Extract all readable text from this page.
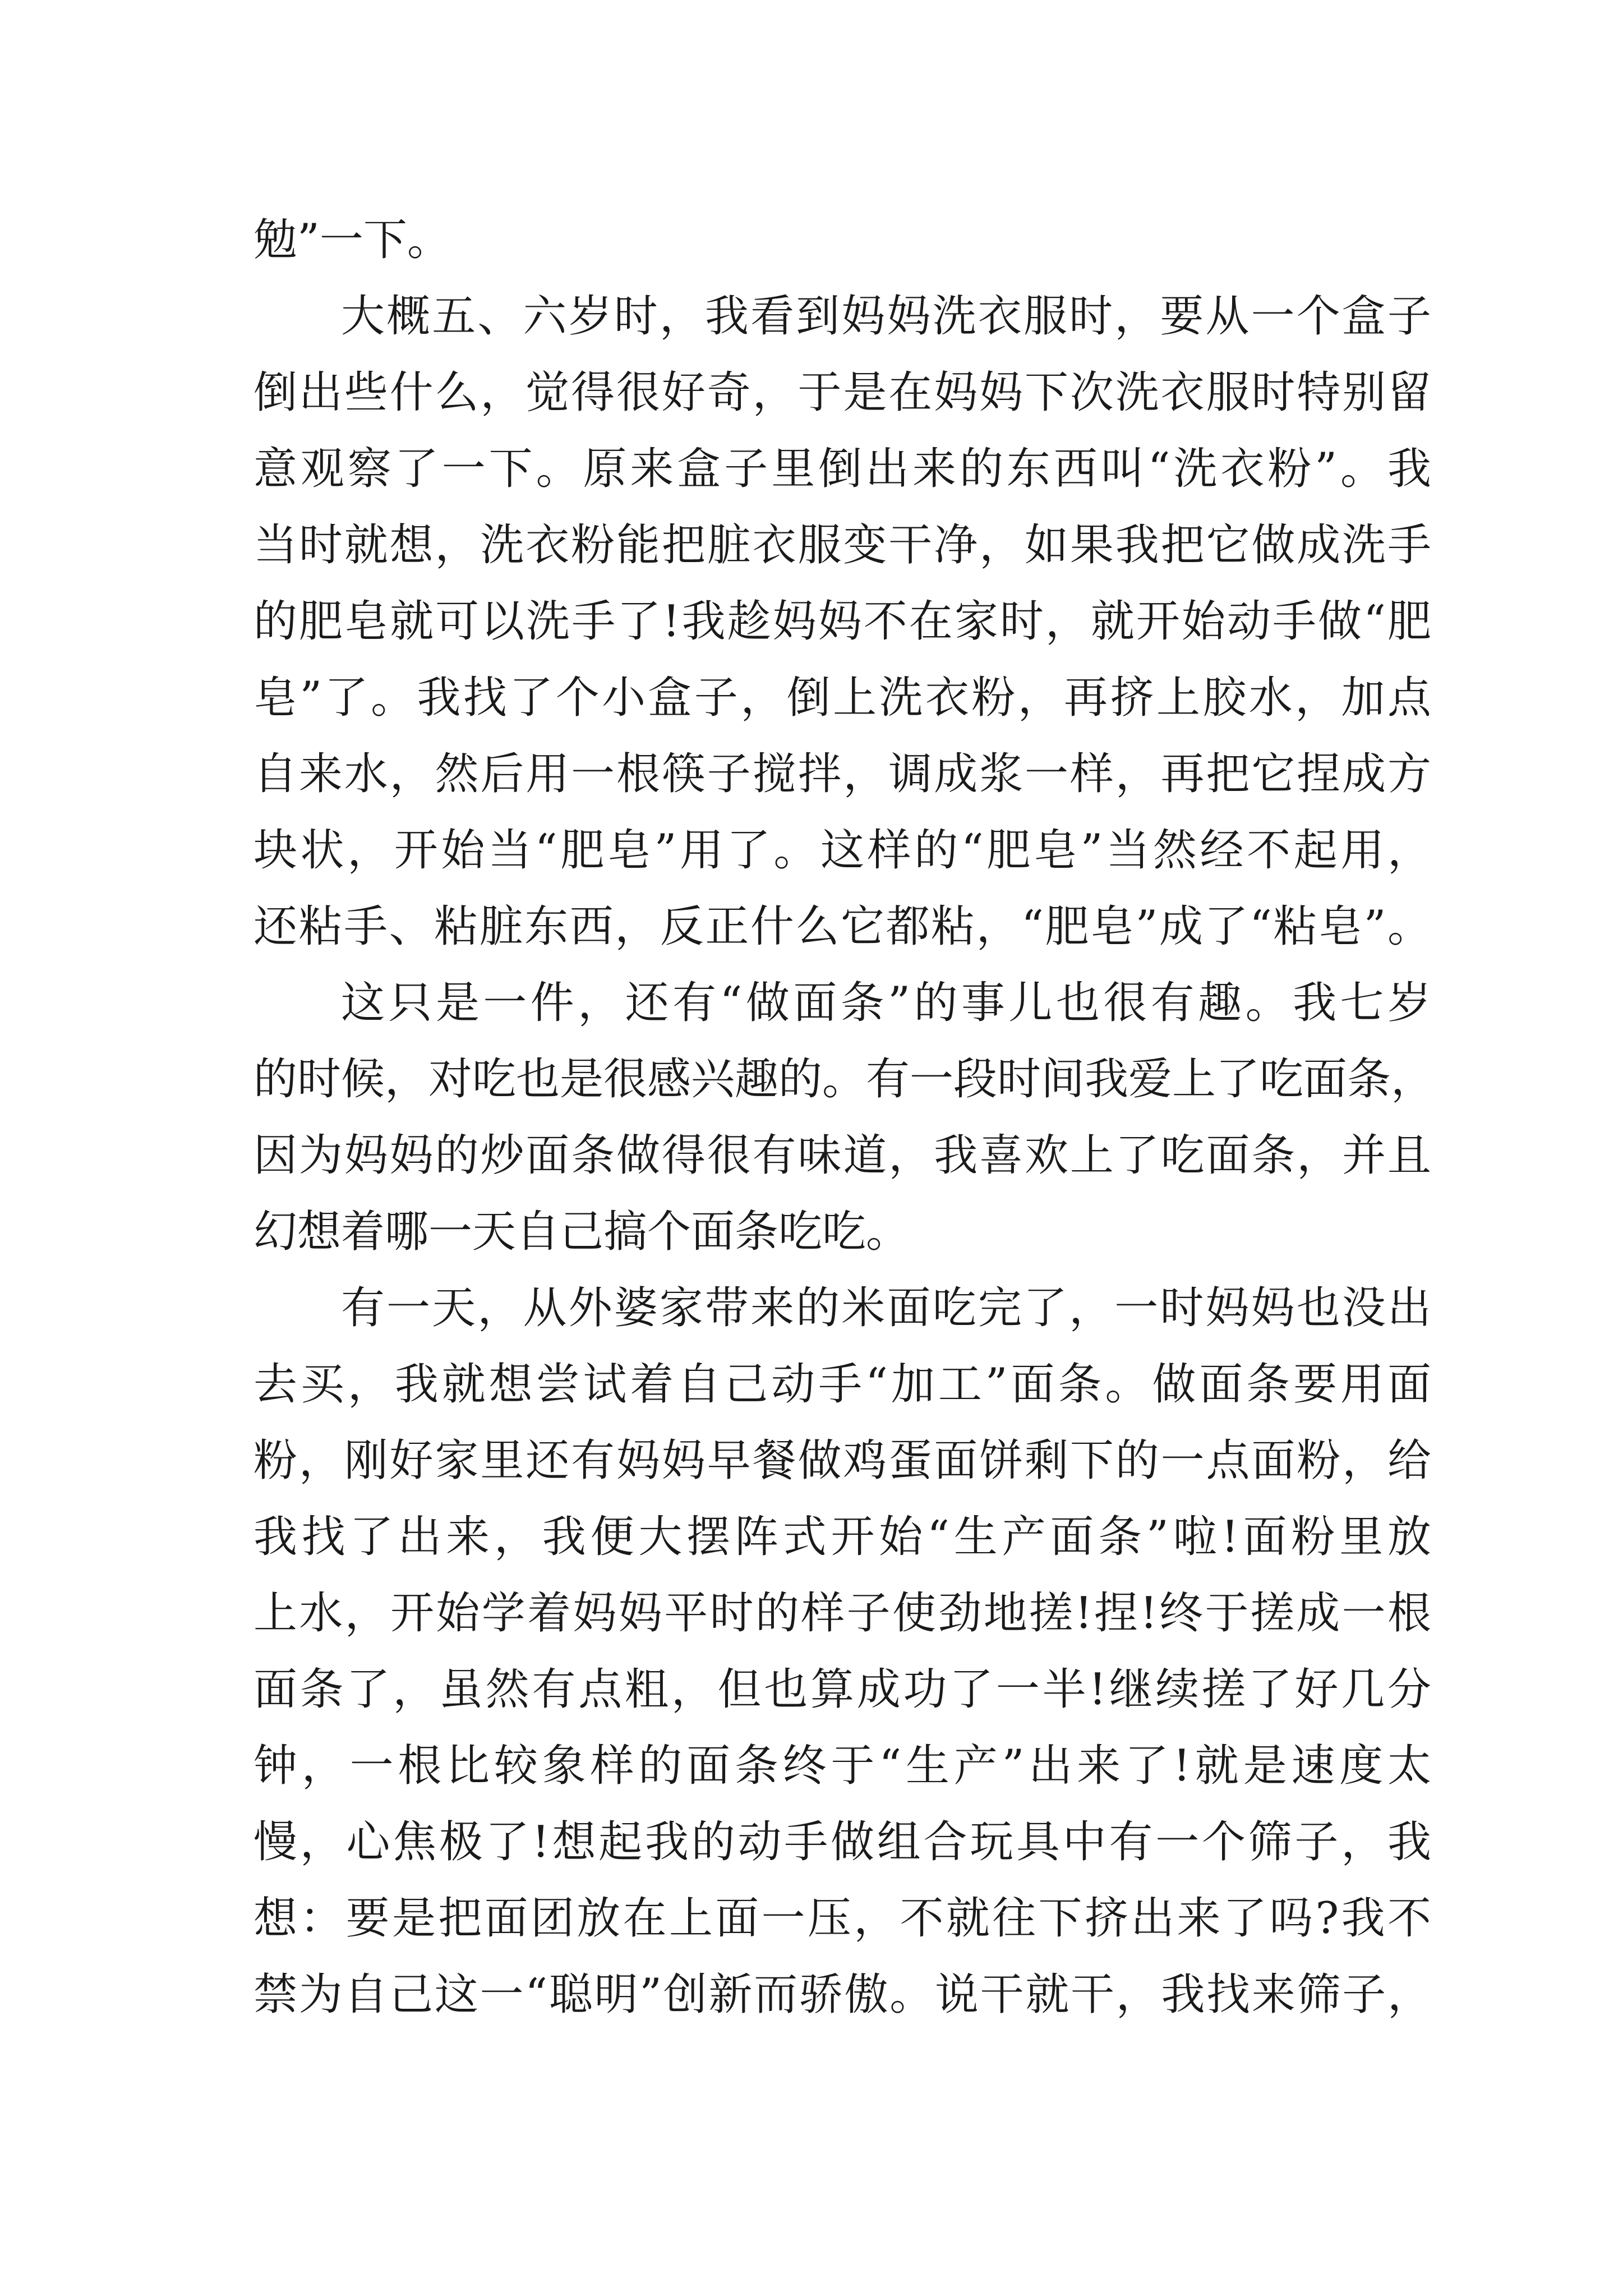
勉”一下。
大概五、六岁时，我看到妈妈洗衣服时，要从一个盒子
倒出些什么，觉得很好奇，于是在妈妈下次洗衣服时特别留
意观察了一下。原来盒子里倒出来的东西叫“洗衣粉”。我
当时就想，洗衣粉能把脏衣服变干净，如果我把它做成洗手
的肥皂就可以洗手了!我趁妈妈不在家时，就开始动手做“肥
皂”了。我找了个小盒子，倒上洗衣粉，再挤上胶水，加点
自来水，然后用一根筷子搅拌，调成浆一样，再把它捏成方
块状，开始当“肥皂”用了。这样的“肥皂”当然经不起用，
还粘手、粘脏东西，反正什么它都粘，“肥皂”成了“粘皂”。
这只是一件，还有“做面条”的事儿也很有趣。我七岁
的时候，对吃也是很感兴趣的。有一段时间我爱上了吃面条，
因为妈妈的炒面条做得很有味道，我喜欢上了吃面条，并且
幻想着哪一天自己搞个面条吃吃。
有一天，从外婆家带来的米面吃完了，一时妈妈也没出
去买，我就想尝试着自己动手“加工”面条。做面条要用面
粉，刚好家里还有妈妈早餐做鸡蛋面饼剩下的一点面粉，给
我找了出来，我便大摆阵式开始“生产面条”啦!面粉里放
上水，开始学着妈妈平时的样子使劲地搓!捏!终于搓成一根
面条了，虽然有点粗，但也算成功了一半!继续搓了好几分
钟，一根比较象样的面条终于“生产”出来了!就是速度太
慢，心焦极了!想起我的动手做组合玩具中有一个筛子，我
想：要是把面团放在上面一压，不就往下挤出来了吗?我不
禁为自己这一“聪明”创新而骄傲。说干就干，我找来筛子，
